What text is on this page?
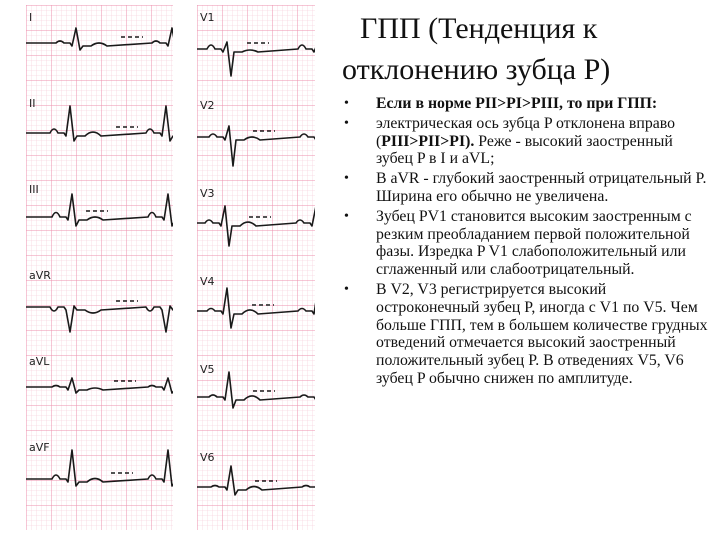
I
II
III
aVR
aVL
aVF
V1
V2
V3
V4
V5
V6
ГПП (Тенденция к
отклонению зубца P)
• Если в норме PII>PI>PIII, то при ГПП:
• электрическая ось зубца P отклонена вправо (PIII>PII>PI). Реже - высокий заостренный зубец P в I и aVL;
• В aVR - глубокий заостренный отрицательный P. Ширина его обычно не увеличена.
• Зубец PV1 становится высоким заостренным с резким преобладанием первой положительной фазы. Изредка P V1 слабоположительный или сглаженный или слабоотрицательный.
• В V2, V3 регистрируется высокий остроконечный зубец P, иногда с V1 по V5. Чем больше ГПП, тем в большем количестве грудных отведений отмечается высокий заостренный положительный зубец P. В отведениях V5, V6 зубец P обычно снижен по амплитуде.
